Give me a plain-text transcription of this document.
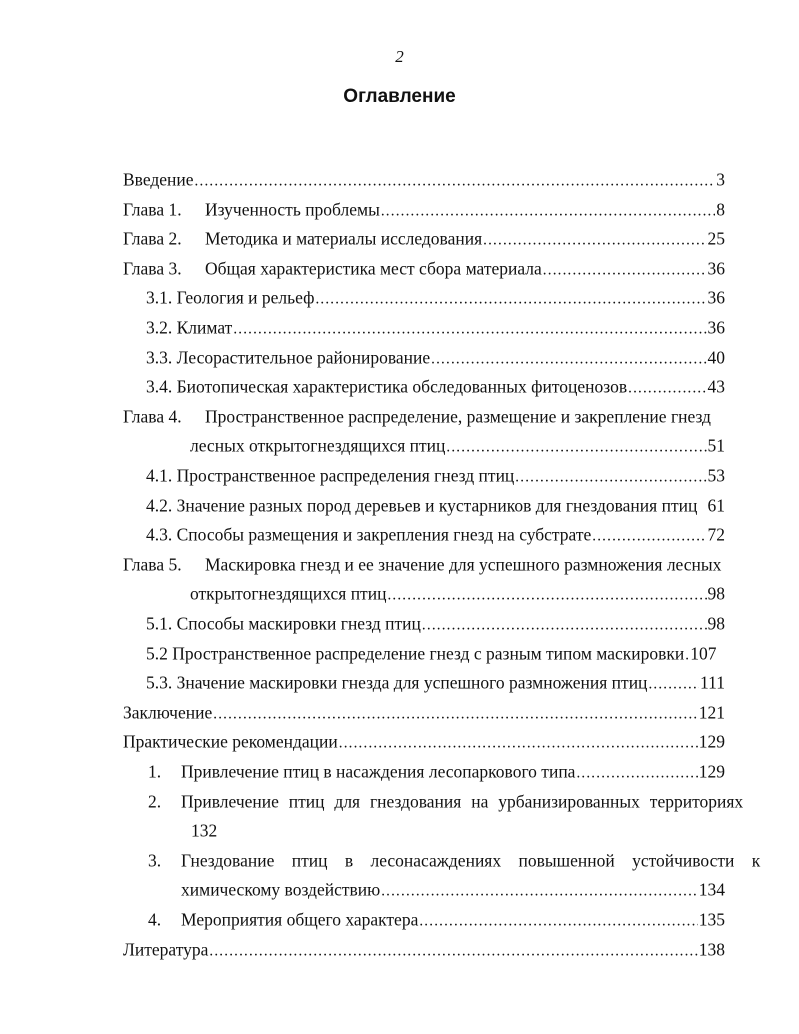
2
Оглавление
Введение .....	3
Глава 1.	Изученность проблемы .....	8
Глава 2.	Методика и материалы исследования .....	25
Глава 3.	Общая характеристика мест сбора материала .....	36
3.1. Геология и рельеф .....	36
3.2. Климат .....	36
3.3. Лесорастительное районирование .....	40
3.4. Биотопическая характеристика обследованных фитоценозов .....	43
Глава 4.	Пространственное распределение, размещение и закрепление гнезд
лесных открытогнездящихся птиц .....	51
4.1. Пространственное распределения гнезд птиц .....	53
4.2. Значение разных пород деревьев и кустарников для гнездования птиц 61
4.3. Способы размещения и закрепления гнезд на субстрате .....	72
Глава 5.	Маскировка гнезд и ее значение для успешного размножения лесных
открытогнездящихся птиц .....	98
5.1. Способы маскировки гнезд птиц .....	98
5.2 Пространственное распределение гнезд с разным типом маскировки ..... 107
5.3. Значение маскировки гнезда для успешного размножения птиц .....	111
Заключение .....	121
Практические рекомендации .....	129
1.	Привлечение птиц в насаждения лесопаркового типа .....	129
2.	Привлечение птиц для гнездования на урбанизированных территориях
132
3.	Гнездование птиц в лесонасаждениях повышенной устойчивости к
химическому воздействию .....	134
4.	Мероприятия общего характера .....	135
Литература .....	138
